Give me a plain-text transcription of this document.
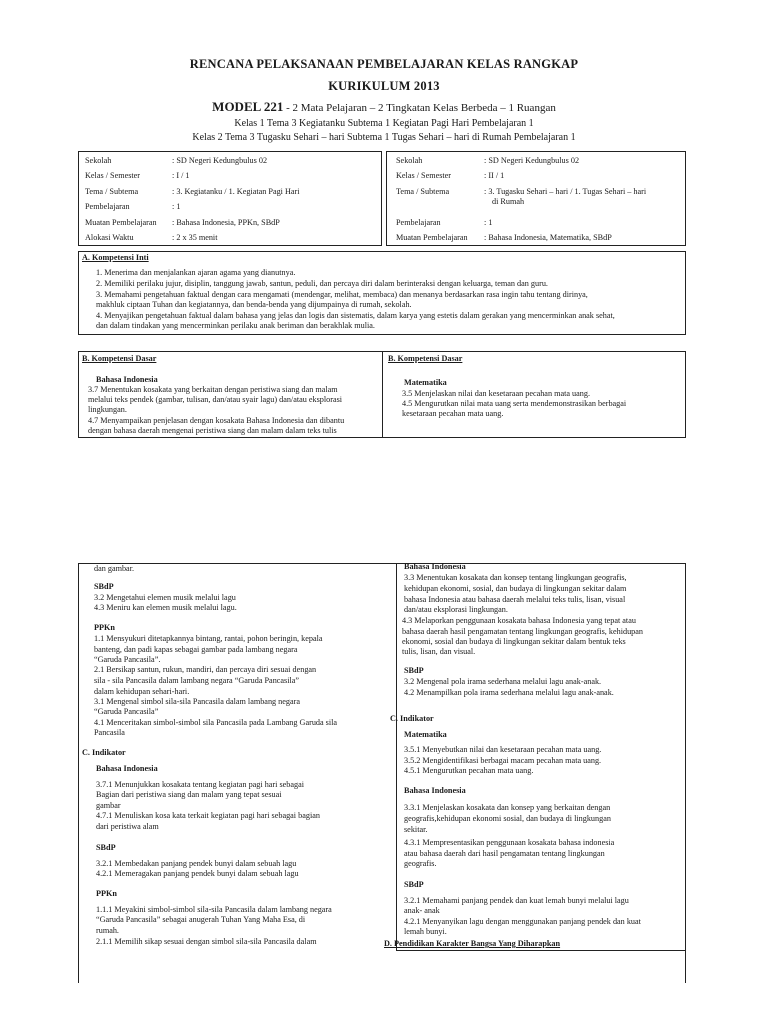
RENCANA PELAKSANAAN PEMBELAJARAN KELAS RANGKAP
KURIKULUM 2013
MODEL 221 - 2 Mata Pelajaran – 2 Tingkatan Kelas Berbeda – 1 Ruangan
Kelas 1 Tema 3 Kegiatanku Subtema 1 Kegiatan Pagi Hari Pembelajaran 1
Kelas 2 Tema 3 Tugasku Sehari – hari Subtema 1 Tugas Sehari – hari di Rumah Pembelajaran 1
Sekolah	: SD Negeri Kedungbulus 02
Kelas / Semester	: I / 1
Tema / Subtema	: 3. Kegiatanku / 1. Kegiatan Pagi Hari
Pembelajaran	: 1
Muatan Pembelajaran : Bahasa Indonesia, PPKn, SBdP
Alokasi Waktu	: 2 x 35 menit
Sekolah	: SD Negeri Kedungbulus 02
Kelas / Semester	: II / 1
Tema / Subtema	: 3. Tugasku Sehari – hari / 1. Tugas Sehari – hari
di Rumah
Pembelajaran	: 1
Muatan Pembelajaran : Bahasa Indonesia, Matematika, SBdP
A. Kompetensi Inti
1. Menerima dan menjalankan ajaran agama yang dianutnya.
2. Memiliki perilaku jujur, disiplin, tanggung jawab, santun, peduli, dan percaya diri dalam berinteraksi dengan keluarga, teman dan guru.
3. Memahami pengetahuan faktual dengan cara mengamati (mendengar, melihat, membaca) dan menanya berdasarkan rasa ingin tahu tentang dirinya,
makhluk ciptaan Tuhan dan kegiatannya, dan benda-benda yang dijumpainya di rumah, sekolah.
4. Menyajikan pengetahuan faktual dalam bahasa yang jelas dan logis dan sistematis, dalam karya yang estetis dalam gerakan yang mencerminkan anak sehat,
dan dalam tindakan yang mencerminkan perilaku anak beriman dan berakhlak mulia.
B. Kompetensi Dasar
Bahasa Indonesia
3.7 Menentukan kosakata yang berkaitan dengan peristiwa siang dan malam
melalui teks pendek (gambar, tulisan, dan/atau syair lagu) dan/atau eksplorasi
lingkungan.
4.7 Menyampaikan penjelasan dengan kosakata Bahasa Indonesia dan dibantu
dengan bahasa daerah mengenai peristiwa siang dan malam dalam teks tulis
B. Kompetensi Dasar
Matematika
3.5 Menjelaskan nilai dan kesetaraan pecahan mata uang.
4.5 Mengurutkan nilai mata uang serta mendemonstrasikan berbagai
kesetaraan pecahan mata uang.
dan gambar.
SBdP
3.2 Mengetahui elemen musik melalui lagu
4.3 Meniru kan elemen musik melalui lagu.
PPKn
1.1 Mensyukuri ditetapkannya bintang, rantai, pohon beringin, kepala
banteng, dan padi kapas sebagai gambar pada lambang negara
“Garuda Pancasila”.
2.1 Bersikap santun, rukun, mandiri, dan percaya diri sesuai dengan
sila - sila Pancasila dalam lambang negara “Garuda Pancasila”
dalam kehidupan sehari-hari.
3.1 Mengenal simbol sila-sila Pancasila dalam lambang negara
“Garuda Pancasila”
4.1 Menceritakan simbol-simbol sila Pancasila pada Lambang Garuda sila
Pancasila
C. Indikator
Bahasa Indonesia
3.7.1 Menunjukkan kosakata tentang kegiatan pagi hari sebagai
Bagian dari peristiwa siang dan malam yang tepat sesuai
gambar
4.7.1 Menuliskan kosa kata terkait kegiatan pagi hari sebagai bagian
dari peristiwa alam
SBdP
3.2.1 Membedakan panjang pendek bunyi dalam sebuah lagu
4.2.1 Memeragakan panjang pendek bunyi dalam sebuah lagu
PPKn
1.1.1 Meyakini simbol-simbol sila-sila Pancasila dalam lambang negara
“Garuda Pancasila” sebagai anugerah Tuhan Yang Maha Esa, di
rumah.
2.1.1 Memilih sikap sesuai dengan simbol sila-sila Pancasila dalam
Bahasa Indonesia
3.3 Menentukan kosakata dan konsep tentang lingkungan geografis,
kehidupan ekonomi, sosial, dan budaya di lingkungan sekitar dalam
bahasa Indonesia atau bahasa daerah melalui teks tulis, lisan, visual
dan/atau eksplorasi lingkungan.
4.3 Melaporkan penggunaan kosakata bahasa Indonesia yang tepat atau
bahasa daerah hasil pengamatan tentang lingkungan geografis, kehidupan
ekonomi, sosial dan budaya di lingkungan sekitar dalam bentuk teks
tulis, lisan, dan visual.
SBdP
3.2 Mengenal pola irama sederhana melalui lagu anak-anak.
4.2 Menampilkan pola irama sederhana melalui lagu anak-anak.
C. Indikator
Matematika
3.5.1 Menyebutkan nilai dan kesetaraan pecahan mata uang.
3.5.2 Mengidentifikasi berbagai macam pecahan mata uang.
4.5.1 Mengurutkan pecahan mata uang.
Bahasa Indonesia
3.3.1 Menjelaskan kosakata dan konsep yang berkaitan dengan
geografis,kehidupan ekonomi sosial, dan budaya di lingkungan
sekitar.
4.3.1 Mempresentasikan penggunaan kosakata bahasa indonesia
atau bahasa daerah dari hasil pengamatan tentang lingkungan
geografis.
SBdP
3.2.1 Memahami panjang pendek dan kuat lemah bunyi melalui lagu
anak- anak
4.2.1 Menyanyikan lagu dengan menggunakan panjang pendek dan kuat
lemah bunyi.
D. Pendidikan Karakter Bangsa Yang Diharapkan
